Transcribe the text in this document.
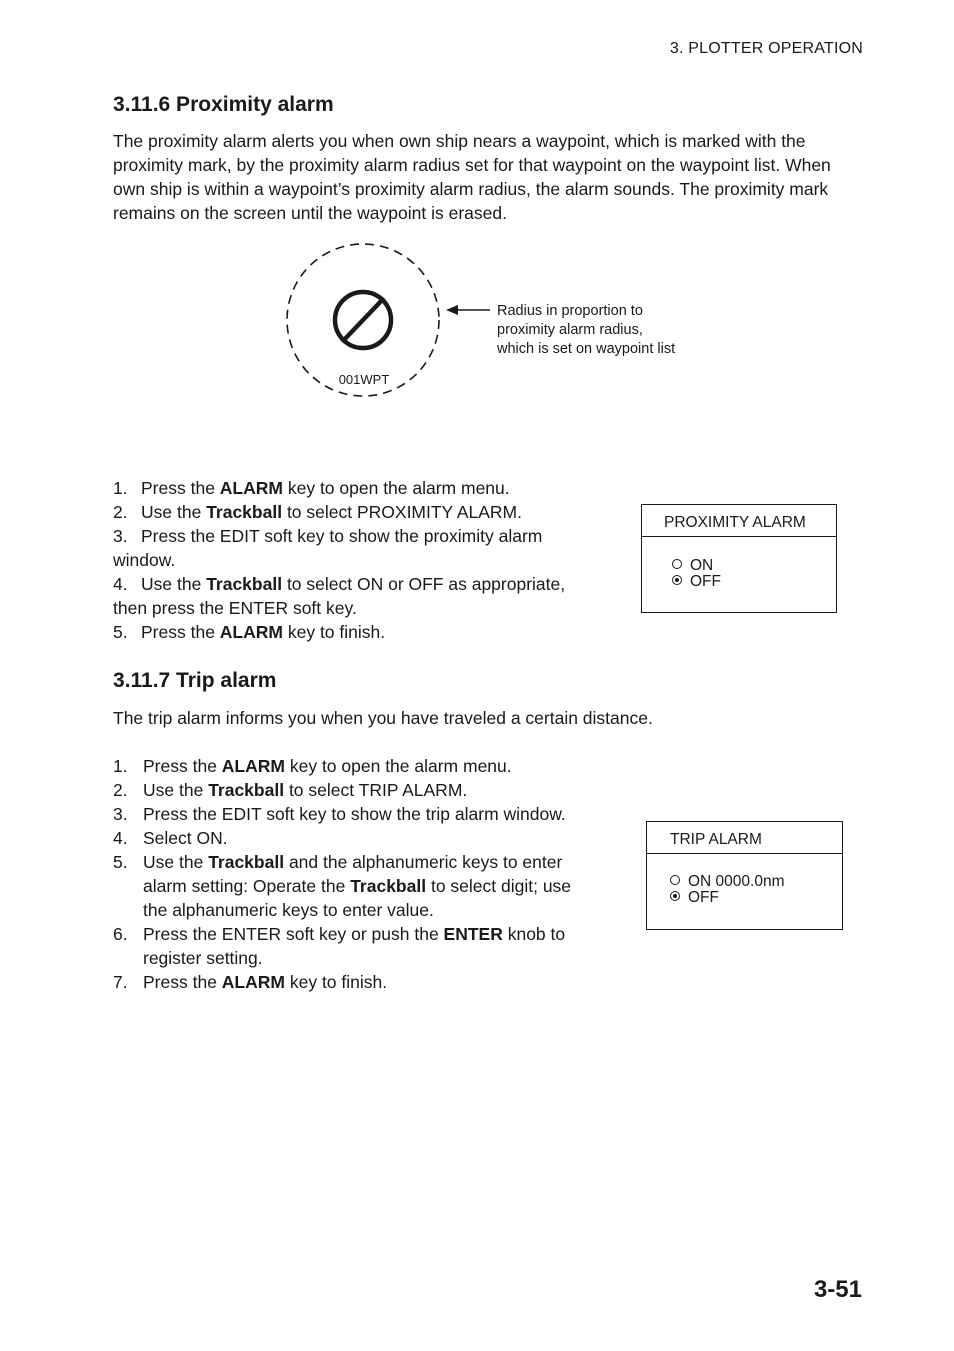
3. PLOTTER OPERATION
3.11.6 Proximity alarm

The proximity alarm alerts you when own ship nears a waypoint, which is marked with the proximity mark, by the proximity alarm radius set for that waypoint on the waypoint list. When own ship is within a waypoint’s proximity alarm radius, the alarm sounds. The proximity mark remains on the screen until the waypoint is erased.

001WPT
Radius in proportion to
proximity alarm radius,
which is set on waypoint list
1. Press the ALARM key to open the alarm menu.
2. Use the Trackball to select PROXIMITY ALARM.
3. Press the EDIT soft key to show the proximity alarm
window.
4. Use the Trackball to select ON or OFF as appropriate,
then press the ENTER soft key.
5. Press the ALARM key to finish.
PROXIMITY ALARM
ON
OFF
3.11.7 Trip alarm

The trip alarm informs you when you have traveled a certain distance.

1. Press the ALARM key to open the alarm menu.
2. Use the Trackball to select TRIP ALARM.
3. Press the EDIT soft key to show the trip alarm window.
4. Select ON.
5. Use the Trackball and the alphanumeric keys to enter
alarm setting: Operate the Trackball to select digit; use
the alphanumeric keys to enter value.
6. Press the ENTER soft key or push the ENTER knob to
register setting.
7. Press the ALARM key to finish.
TRIP ALARM
ON 0000.0nm
OFF
3-51
